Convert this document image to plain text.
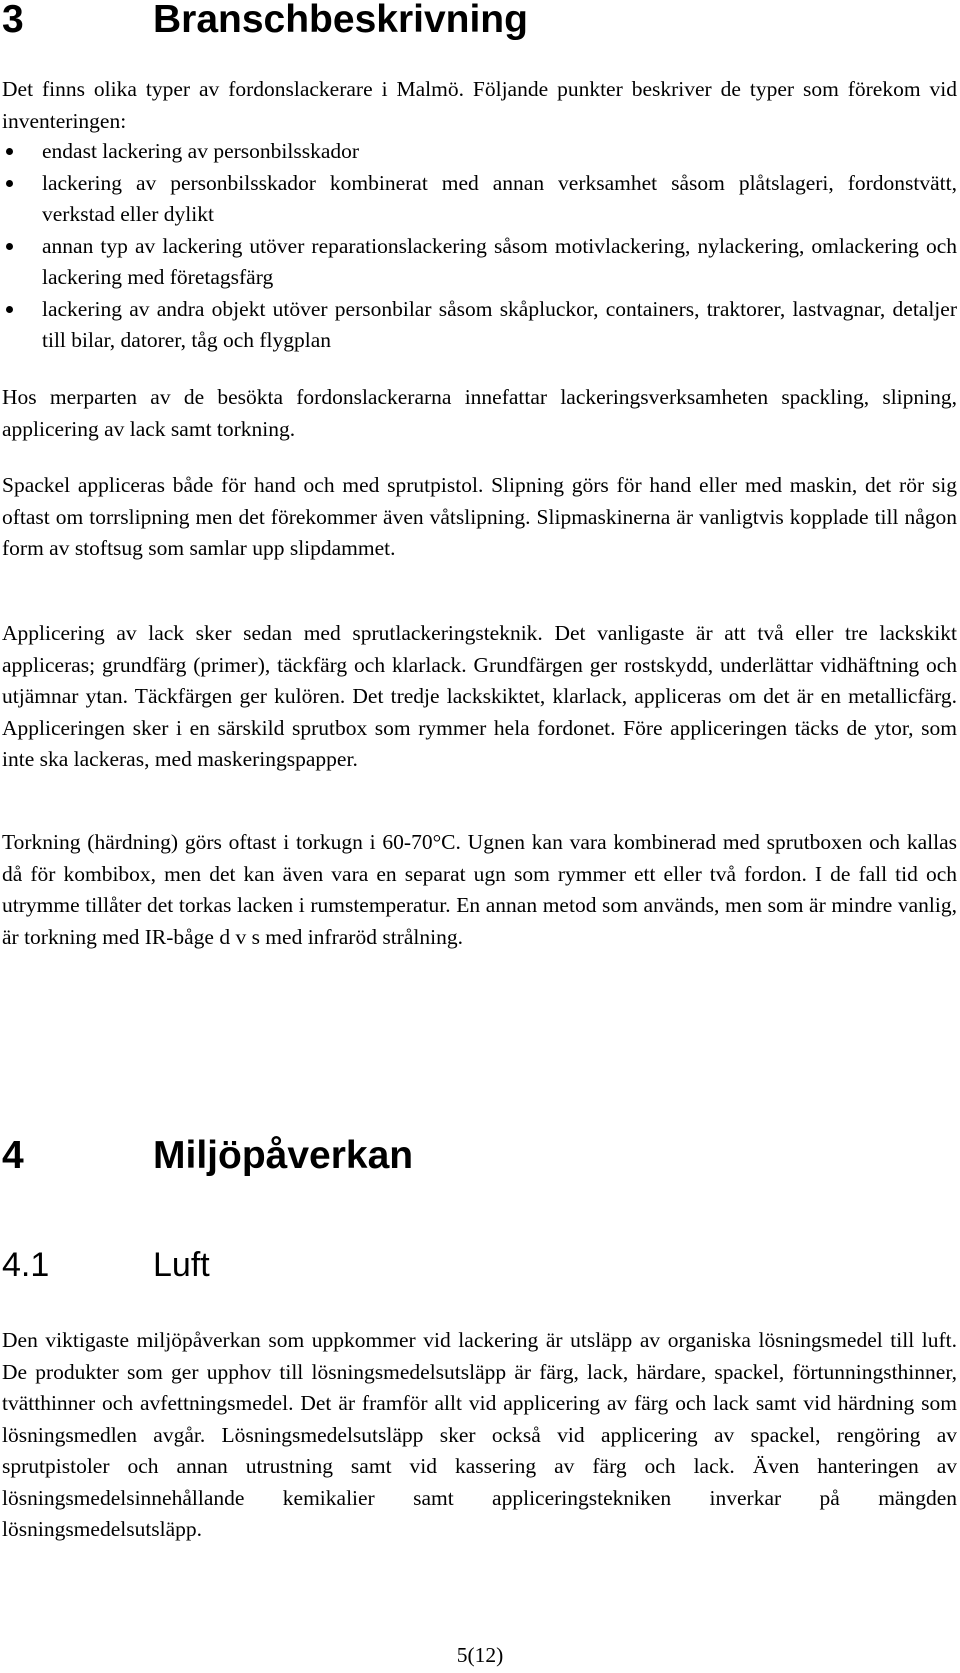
3	Branschbeskrivning

Det finns olika typer av fordonslackerare i Malmö. Följande punkter beskriver de typer som förekom vid inventeringen:

endast lackering av personbilsskador
lackering av personbilsskador kombinerat med annan verksamhet såsom plåtslageri, fordonstvätt, verkstad eller dylikt
annan typ av lackering utöver reparationslackering såsom motivlackering, nylackering, omlackering och lackering med företagsfärg
lackering av andra objekt utöver personbilar såsom skåpluckor, containers, traktorer, lastvagnar, detaljer till bilar, datorer, tåg och flygplan

Hos merparten av de besökta fordonslackerarna innefattar lackeringsverksamheten spackling, slipning, applicering av lack samt torkning.

Spackel appliceras både för hand och med sprutpistol. Slipning görs för hand eller med maskin, det rör sig oftast om torrslipning men det förekommer även våtslipning. Slipmaskinerna är vanligtvis kopplade till någon form av stoftsug som samlar upp slipdammet.

Applicering av lack sker sedan med sprutlackeringsteknik. Det vanligaste är att två eller tre lackskikt appliceras; grundfärg (primer), täckfärg och klarlack. Grundfärgen ger rostskydd, underlättar vidhäftning och utjämnar ytan. Täckfärgen ger kulören. Det tredje lackskiktet, klarlack, appliceras om det är en metallicfärg. Appliceringen sker i en särskild sprutbox som rymmer hela fordonet. Före appliceringen täcks de ytor, som inte ska lackeras, med maskeringspapper.

Torkning (härdning) görs oftast i torkugn i 60-70°C. Ugnen kan vara kombinerad med sprutboxen och kallas då för kombibox, men det kan även vara en separat ugn som rymmer ett eller två fordon. I de fall tid och utrymme tillåter det torkas lacken i rumstemperatur. En annan metod som används, men som är mindre vanlig, är torkning med IR-båge d v s med infraröd strålning.

4	Miljöpåverkan
4.1	Luft

Den viktigaste miljöpåverkan som uppkommer vid lackering är utsläpp av organiska lösningsmedel till luft. De produkter som ger upphov till lösningsmedelsutsläpp är färg, lack, härdare, spackel, förtunningsthinner, tvätthinner och avfettningsmedel. Det är framför allt vid applicering av färg och lack samt vid härdning som lösningsmedlen avgår. Lösningsmedelsutsläpp sker också vid applicering av spackel, rengöring av sprutpistoler och annan utrustning samt vid kassering av färg och lack. Även hanteringen av lösningsmedelsinnehållande kemikalier samt appliceringstekniken inverkar på mängden lösningsmedelsutsläpp.

5(12)
